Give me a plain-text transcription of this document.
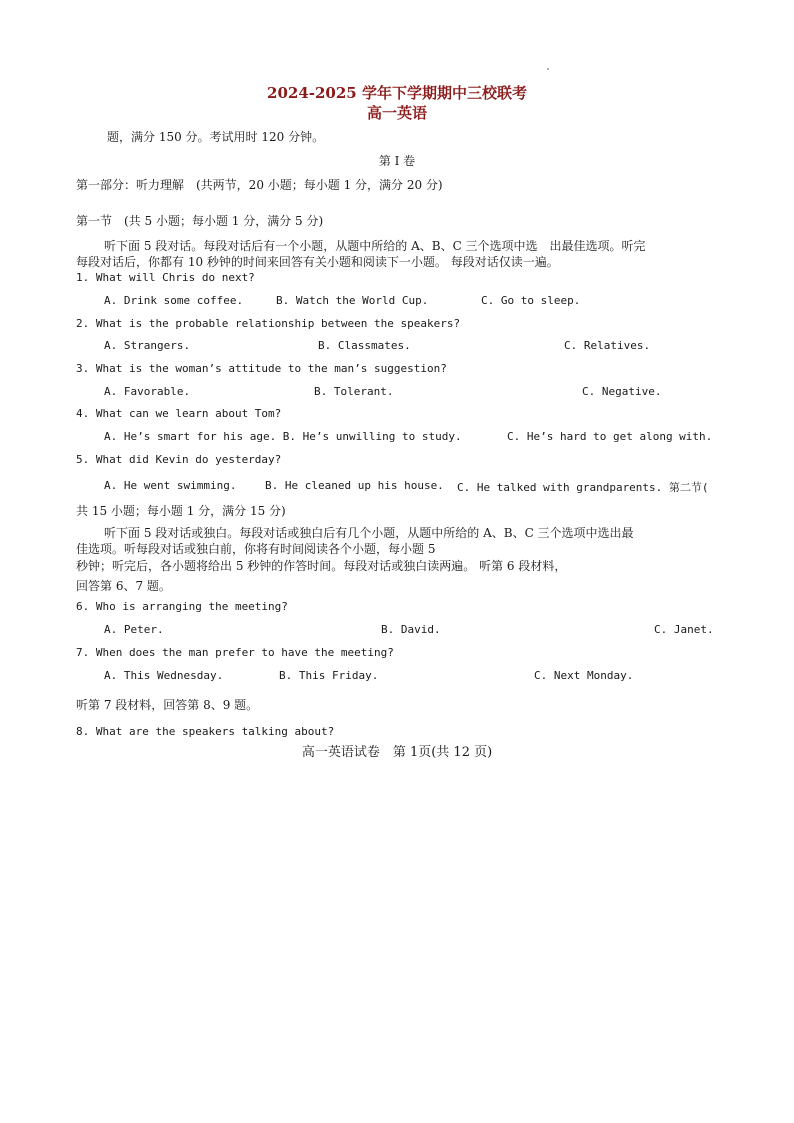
2024-2025 学年下学期期中三校联考
高一英语
题，满分 150 分。考试用时 120 分钟。
第 I 卷
第一部分：听力理解　(共两节，20 小题；每小题 1 分，满分 20 分)
第一节　(共 5 小题；每小题 1 分，满分 5 分)
听下面 5 段对话。每段对话后有一个小题，从题中所给的 A、B、C 三个选项中选　出最佳选项。听完
每段对话后，你都有 10 秒钟的时间来回答有关小题和阅读下一小题。 每段对话仅读一遍。
1. What will Chris do next?
A. Drink some coffee.	B. Watch the World Cup.	C. Go to sleep.
2. What is the probable relationship between the speakers?
A. Strangers.	B. Classmates.	C. Relatives.
3. What is the woman’s attitude to the man’s suggestion?
A. Favorable.	B. Tolerant.	C. Negative.
4. What can we learn about Tom?
A. He’s smart for his age. B. He’s unwilling to study.	C. He’s hard to get along with.
5. What did Kevin do yesterday?
A. He went swimming.	B. He cleaned up his house. C. He talked with grandparents. 第二节(
共 15 小题；每小题 1 分，满分 15 分)
听下面 5 段对话或独白。每段对话或独白后有几个小题，从题中所给的 A、B、C 三个选项中选出最
佳选项。听每段对话或独白前，你将有时间阅读各个小题，每小题 5
秒钟；听完后，各小题将给出 5 秒钟的作答时间。每段对话或独白读两遍。 听第 6 段材料，
回答第 6、7 题。
6. Who is arranging the meeting?
A. Peter.	B. David.	C. Janet.
7. When does the man prefer to have the meeting?
A. This Wednesday.	B. This Friday.	C. Next Monday.
听第 7 段材料，回答第 8、9 题。
8. What are the speakers talking about?
高一英语试卷　第 1页(共 12 页)
